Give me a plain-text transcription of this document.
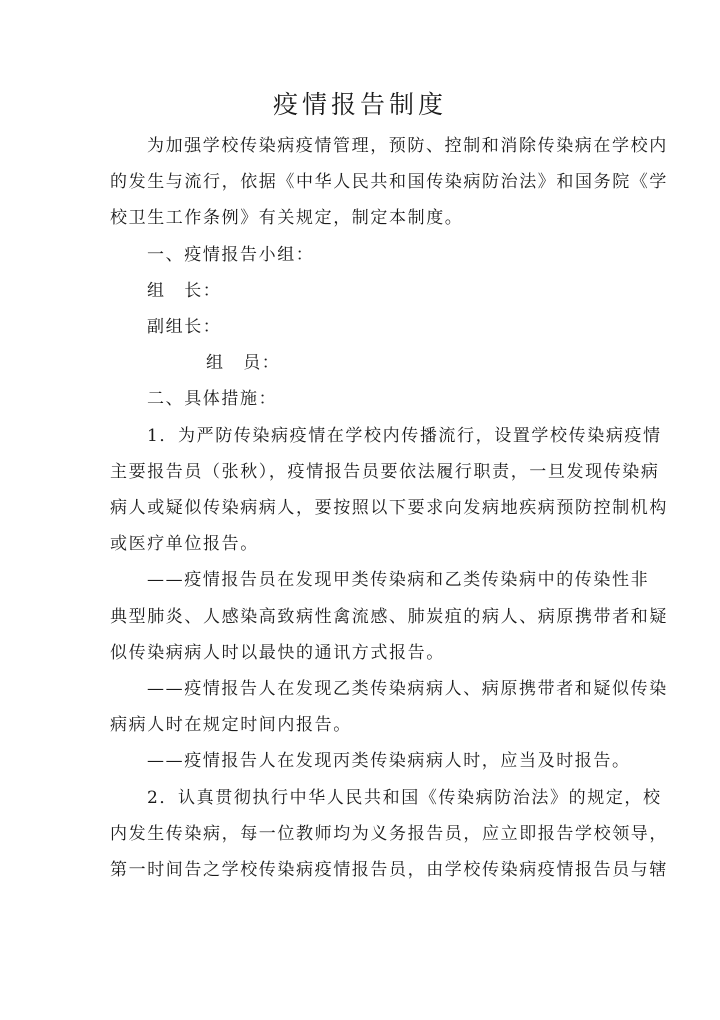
疫情报告制度
为加强学校传染病疫情管理，预防、控制和消除传染病在学校内
的发生与流行，依据《中华人民共和国传染病防治法》和国务院《学
校卫生工作条例》有关规定，制定本制度。
一、疫情报告小组：
组　长：
副组长：
组　员：
二、具体措施：
1．为严防传染病疫情在学校内传播流行，设置学校传染病疫情
主要报告员（张秋），疫情报告员要依法履行职责，一旦发现传染病
病人或疑似传染病病人，要按照以下要求向发病地疾病预防控制机构
或医疗单位报告。
——疫情报告员在发现甲类传染病和乙类传染病中的传染性非
典型肺炎、人感染高致病性禽流感、肺炭疽的病人、病原携带者和疑
似传染病病人时以最快的通讯方式报告。
——疫情报告人在发现乙类传染病病人、病原携带者和疑似传染
病病人时在规定时间内报告。
——疫情报告人在发现丙类传染病病人时，应当及时报告。
2．认真贯彻执行中华人民共和国《传染病防治法》的规定，校
内发生传染病，每一位教师均为义务报告员，应立即报告学校领导，
第一时间告之学校传染病疫情报告员，由学校传染病疫情报告员与辖
